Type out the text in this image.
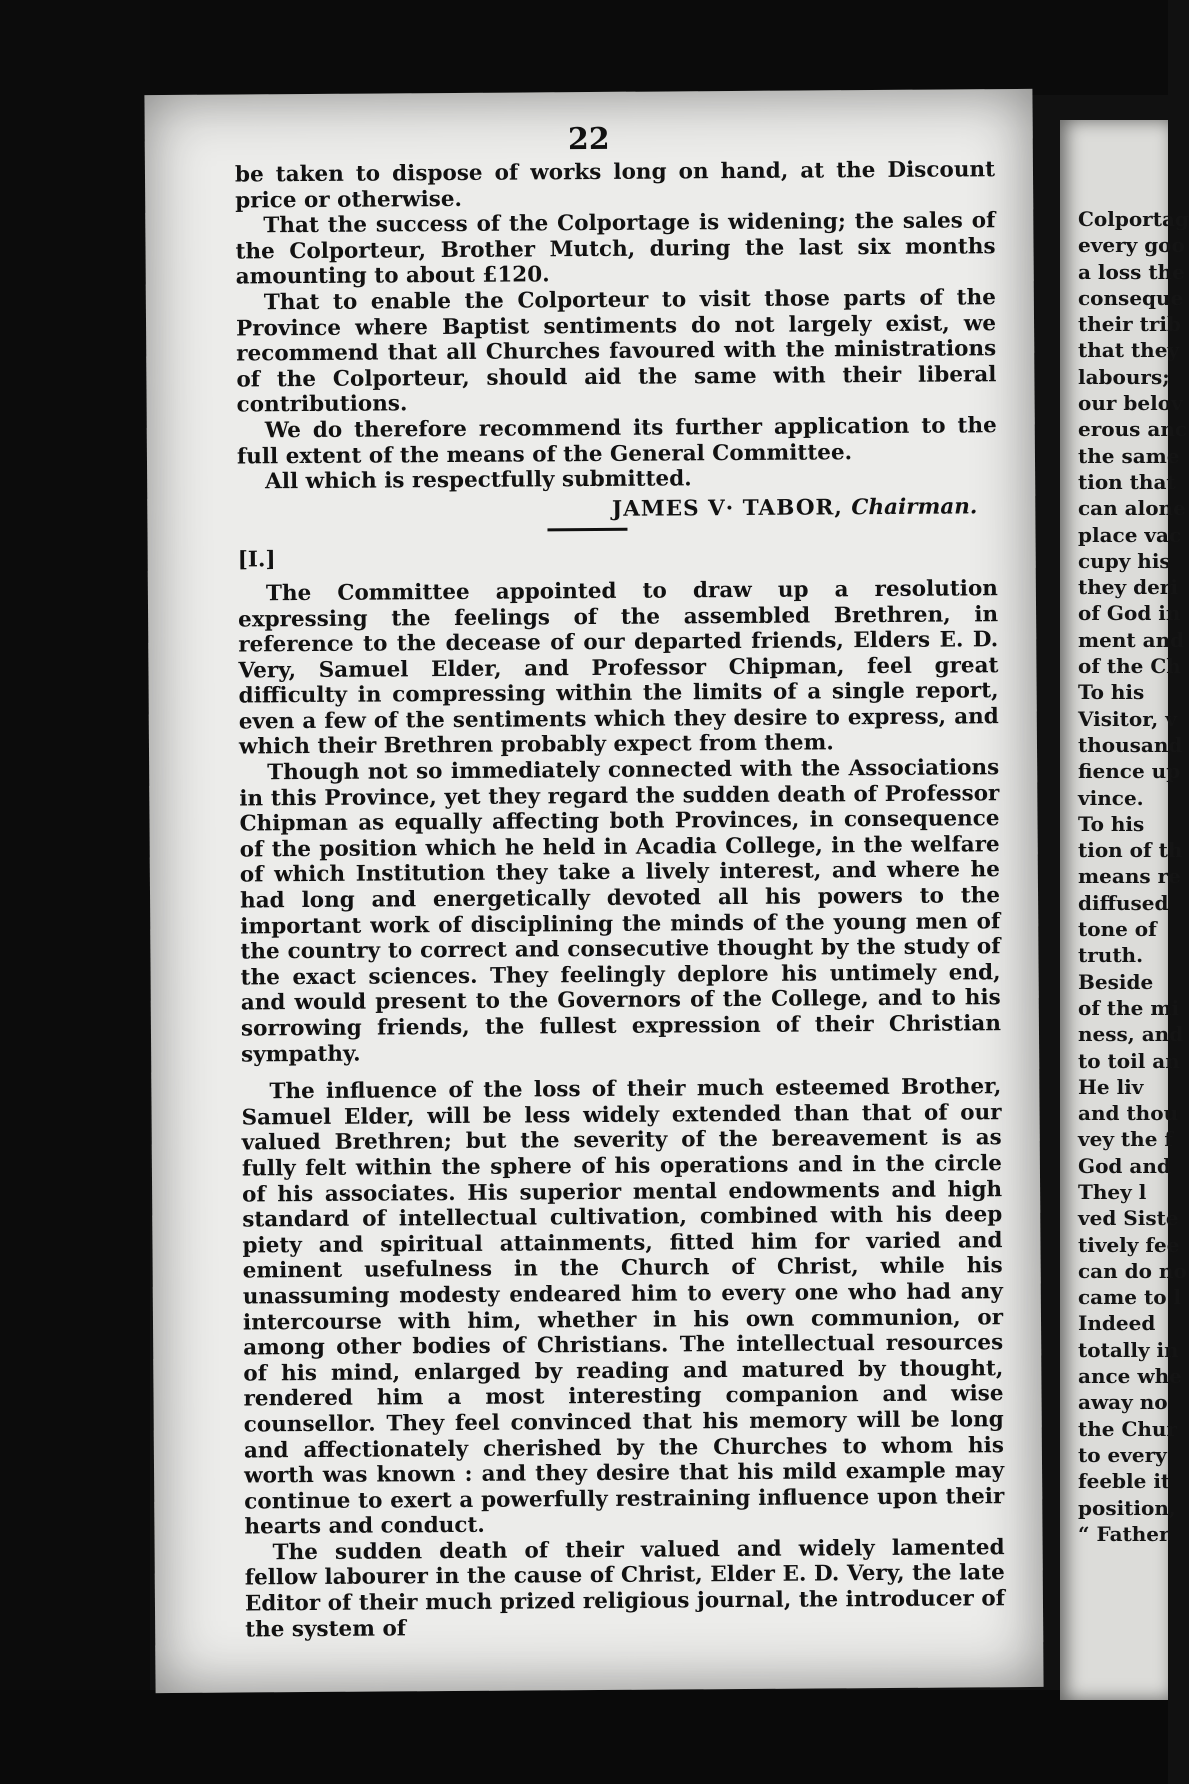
22

be taken to dispose of works long on hand, at the Discount price or otherwise.

That the success of the Colportage is widening; the sales of the Colporteur, Brother Mutch, during the last six months amounting to about £120.

That to enable the Colporteur to visit those parts of the Province where Baptist sentiments do not largely exist, we recommend that all Churches favoured with the ministrations of the Colporteur, should aid the same with their liberal contributions.

We do therefore recommend its further application to the full extent of the means of the General Committee.

All which is respectfully submitted.

JAMES V· TABOR, Chairman.
[I.]

The Committee appointed to draw up a resolution expressing the feelings of the assembled Brethren, in reference to the decease of our departed friends, Elders E. D. Very, Samuel Elder, and Professor Chipman, feel great difficulty in compressing within the limits of a single report, even a few of the sentiments which they desire to express, and which their Brethren probably expect from them.

Though not so immediately connected with the Associations in this Province, yet they regard the sudden death of Professor Chipman as equally affecting both Provinces, in consequence of the position which he held in Acadia College, in the welfare of which Institution they take a lively interest, and where he had long and energetically devoted all his powers to the important work of disciplining the minds of the young men of the country to correct and consecutive thought by the study of the exact sciences. They feelingly deplore his untimely end, and would present to the Governors of the College, and to his sorrowing friends, the fullest expression of their Christian sympathy.

The influence of the loss of their much esteemed Brother, Samuel Elder, will be less widely extended than that of our valued Brethren; but the severity of the bereavement is as fully felt within the sphere of his operations and in the circle of his associates. His superior mental endowments and high standard of intellectual cultivation, combined with his deep piety and spiritual attainments, fitted him for varied and eminent usefulness in the Church of Christ, while his unassuming modesty endeared him to every one who had any intercourse with him, whether in his own communion, or among other bodies of Christians. The intellectual resources of his mind, enlarged by reading and matured by thought, rendered him a most interesting companion and wise counsellor. They feel convinced that his memory will be long and affectionately cherished by the Churches to whom his worth was known : and they desire that his mild example may continue to exert a powerfully restraining influence upon their hearts and conduct.

The sudden death of their valued and widely lamented fellow labourer in the cause of Christ, Elder E. D. Very, the late Editor of their much prized religious journal, the introducer of the system of

Colportag
every goo
a loss the
conseque
their trib
that they
labours;
our belov
erous anc
the same
tion that
can alone
place vac
cupy his
they deri
of God in
ment and
of the Ch
To his
Visitor, v
thousand
fience up
vince.
To his
tion of th
means re
diffused
tone of
truth.
Beside
of the mi
ness, and
to toil an
He liv
and thou
vey the f
God and
They l
ved Siste
tively fee
can do no
came to l
Indeed
totally in
ance whe
away no
the Chur
to every
feeble it
position,
“ Father
